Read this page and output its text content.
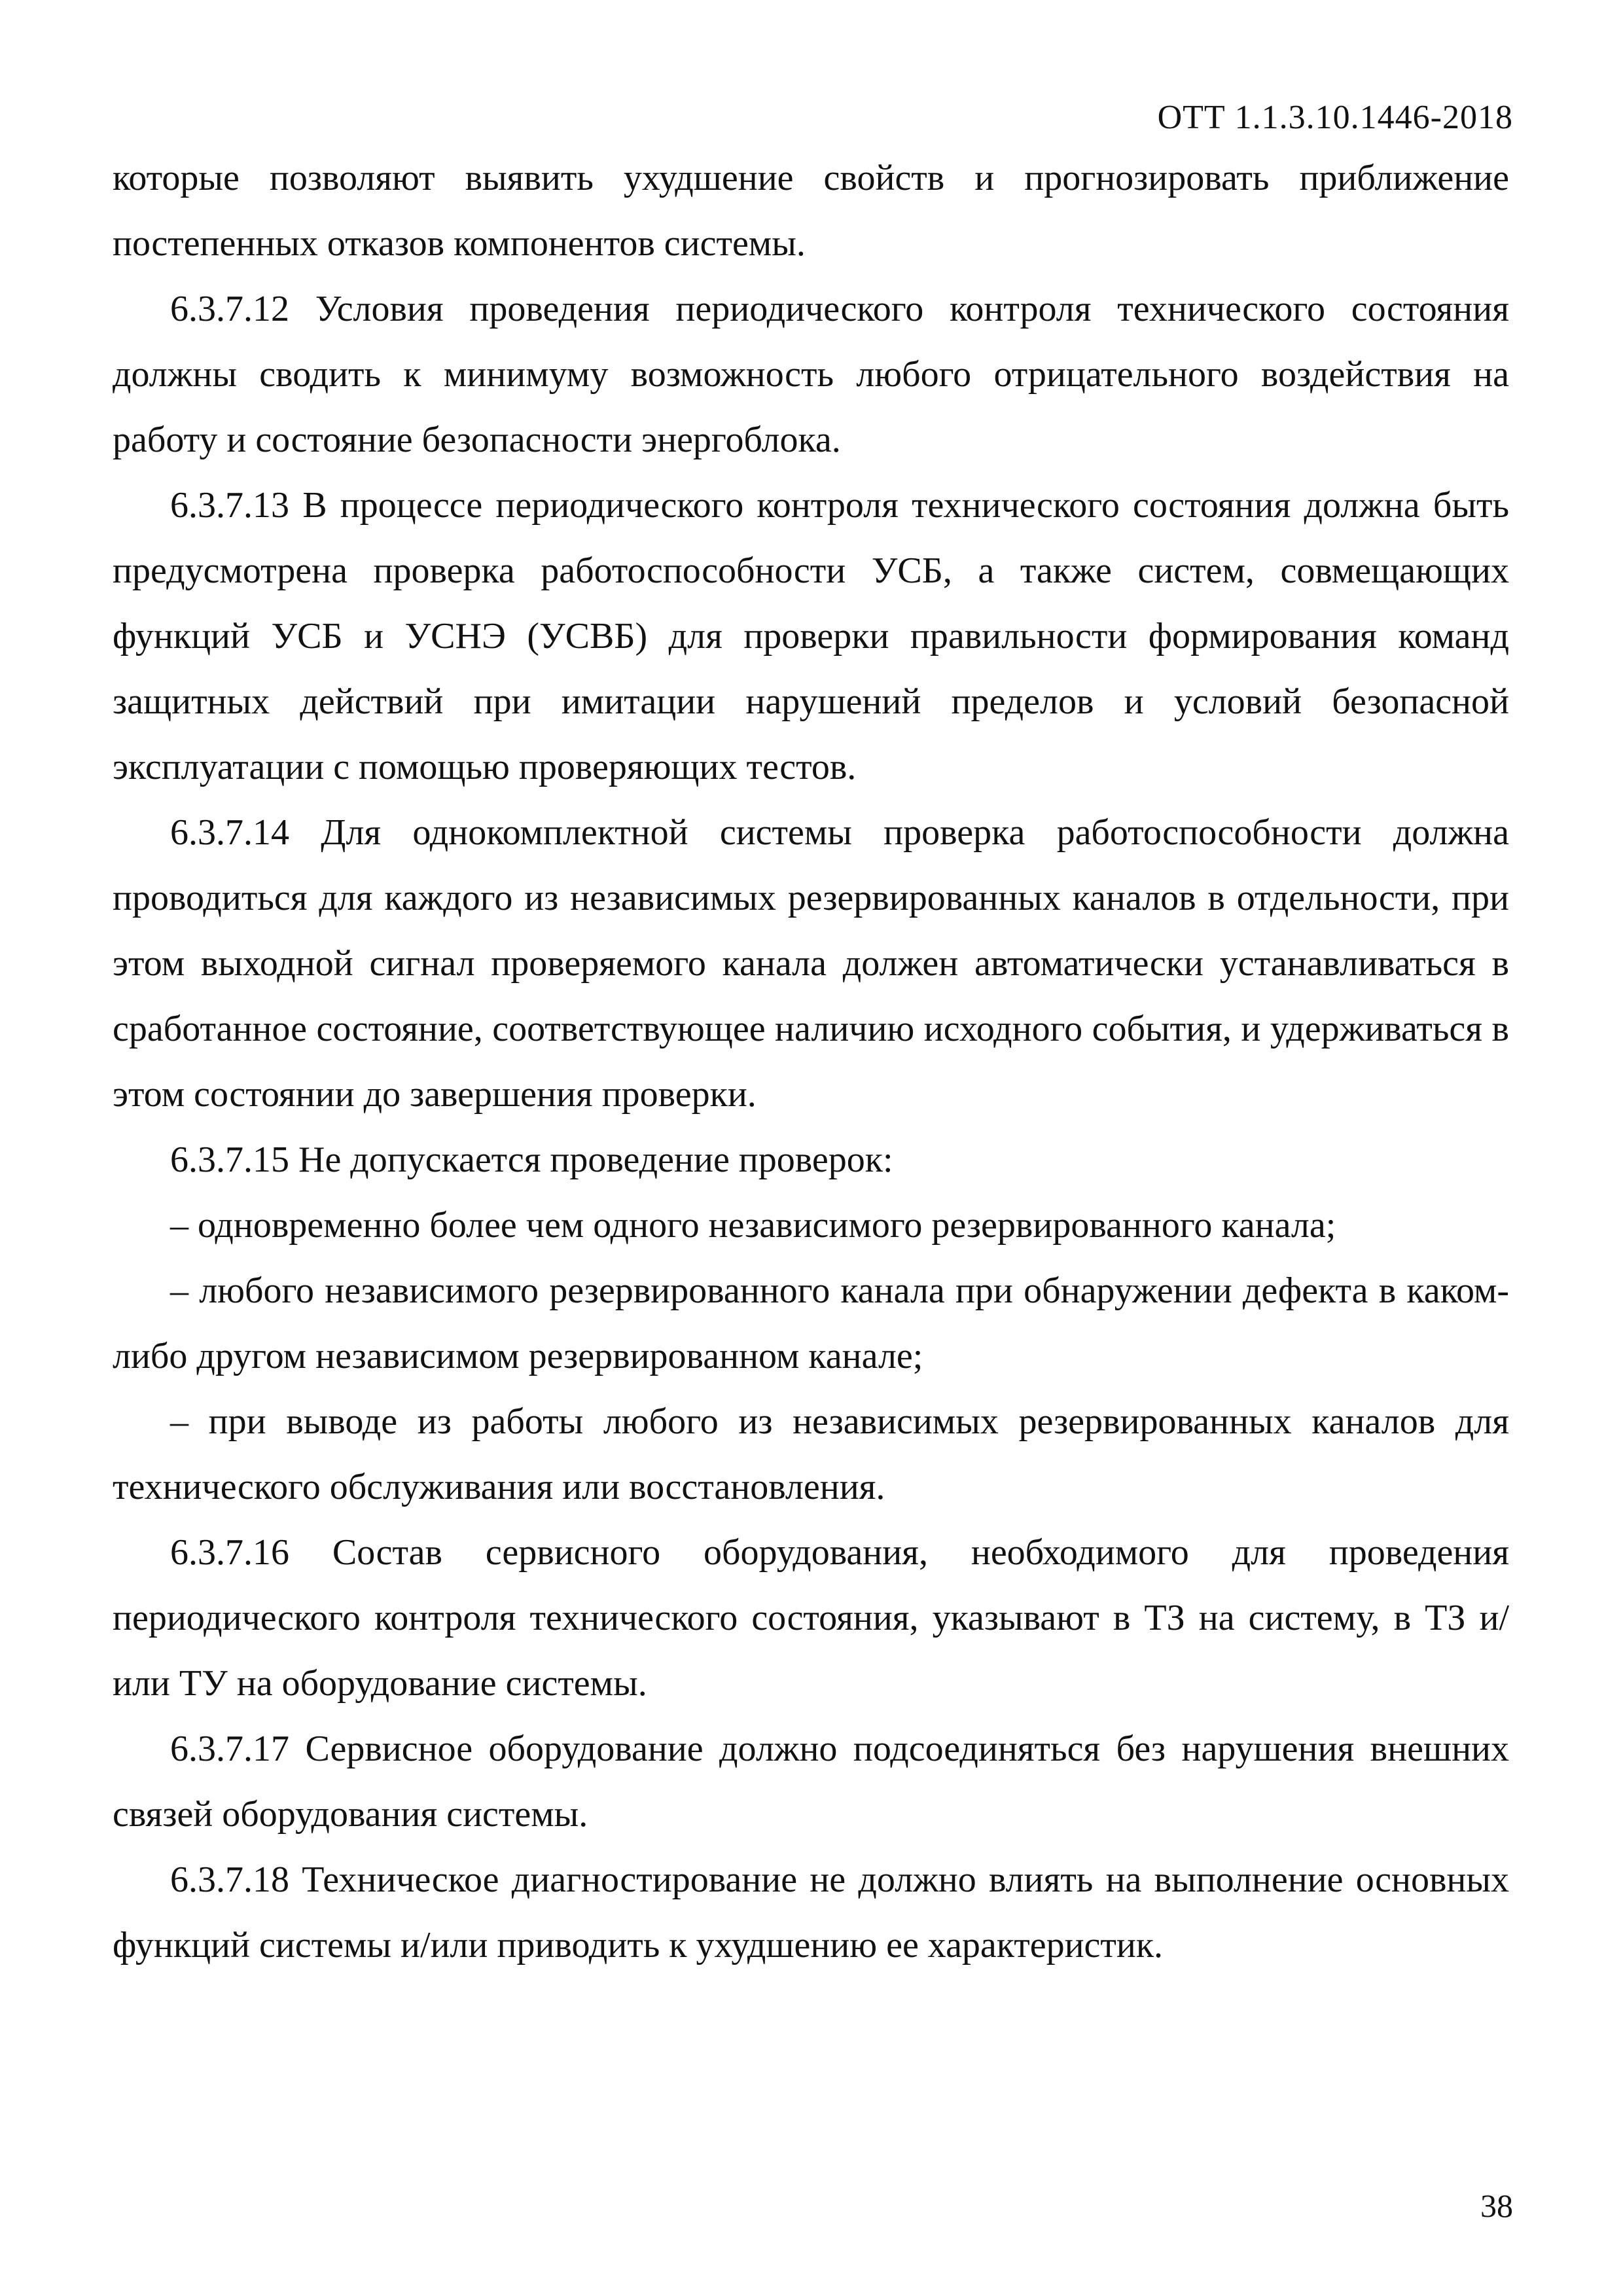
ОТТ 1.1.3.10.1446-2018

которые позволяют выявить ухудшение свойств и прогнозировать приближение постепенных отказов компонентов системы.

6.3.7.12 Условия проведения периодического контроля технического состояния должны сводить к минимуму возможность любого отрицательного воздействия на работу и состояние безопасности энергоблока.

6.3.7.13 В процессе периодического контроля технического состояния должна быть предусмотрена проверка работоспособности УСБ, а также систем, совмещающих функций УСБ и УСНЭ (УСВБ) для проверки правильности формирования команд защитных действий при имитации нарушений пределов и условий безопасной эксплуатации с помощью проверяющих тестов.

6.3.7.14 Для однокомплектной системы проверка работоспособности должна проводиться для каждого из независимых резервированных каналов в отдельности, при этом выходной сигнал проверяемого канала должен автоматически устанавливаться в сработанное состояние, соответствующее наличию исходного события, и удерживаться в этом состоянии до завершения проверки.

6.3.7.15 Не допускается проведение проверок:

– одновременно более чем одного независимого резервированного канала;

– любого независимого резервированного канала при обнаружении дефекта в каком-либо другом независимом резервированном канале;

– при выводе из работы любого из независимых резервированных каналов для технического обслуживания или восстановления.

6.3.7.16 Состав сервисного оборудования, необходимого для проведения периодического контроля технического состояния, указывают в ТЗ на систему, в ТЗ и/или ТУ на оборудование системы.

6.3.7.17 Сервисное оборудование должно подсоединяться без нарушения внешних связей оборудования системы.

6.3.7.18 Техническое диагностирование не должно влиять на выполнение основных функций системы и/или приводить к ухудшению ее характеристик.

38
